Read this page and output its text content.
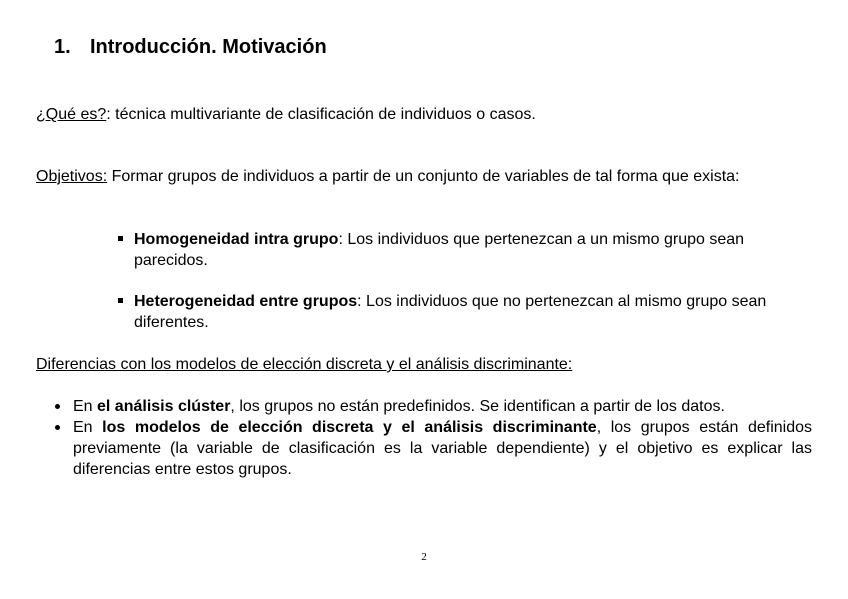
1. Introducción. Motivación
¿Qué es?: técnica multivariante de clasificación de individuos o casos.
Objetivos: Formar grupos de individuos a partir de un conjunto de variables de tal forma que exista:
Homogeneidad intra grupo: Los individuos que pertenezcan a un mismo grupo sean parecidos.
Heterogeneidad entre grupos: Los individuos que no pertenezcan al mismo grupo sean diferentes.
Diferencias con los modelos de elección discreta y el análisis discriminante:
En el análisis clúster, los grupos no están predefinidos. Se identifican a partir de los datos.
En los modelos de elección discreta y el análisis discriminante, los grupos están definidos previamente (la variable de clasificación es la variable dependiente) y el objetivo es explicar las diferencias entre estos grupos.
2
